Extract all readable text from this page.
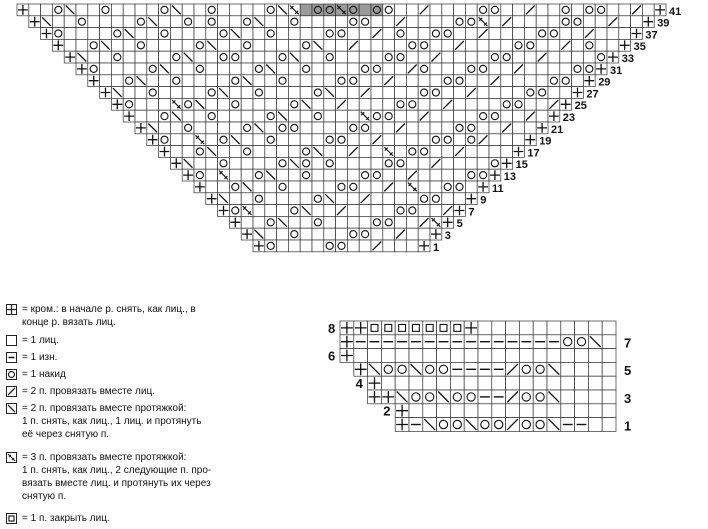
41
39
37
35
33
31
29
27
25
23
21
19
17
15
13
11
9
7
5
3
1
8
7
6
5
4
3
2
1
= кром.: в начале р. снять, как лиц., в
конце р. вязать лиц.
= 1 лиц.
= 1 изн.
= 1 накид
= 2 п. провязать вместе лиц.
= 2 п. провязать вместе протяжкой:
1 п. снять, как лиц., 1 лиц. и протянуть
eё через снятую п.
= 3 п. провязать вместе протяжкой:
1 п. снять, как лиц., 2 следующие п. про-
вязать вместе лиц. и протянуть их через
снятую п.
= 1 п. закрыть лиц.
